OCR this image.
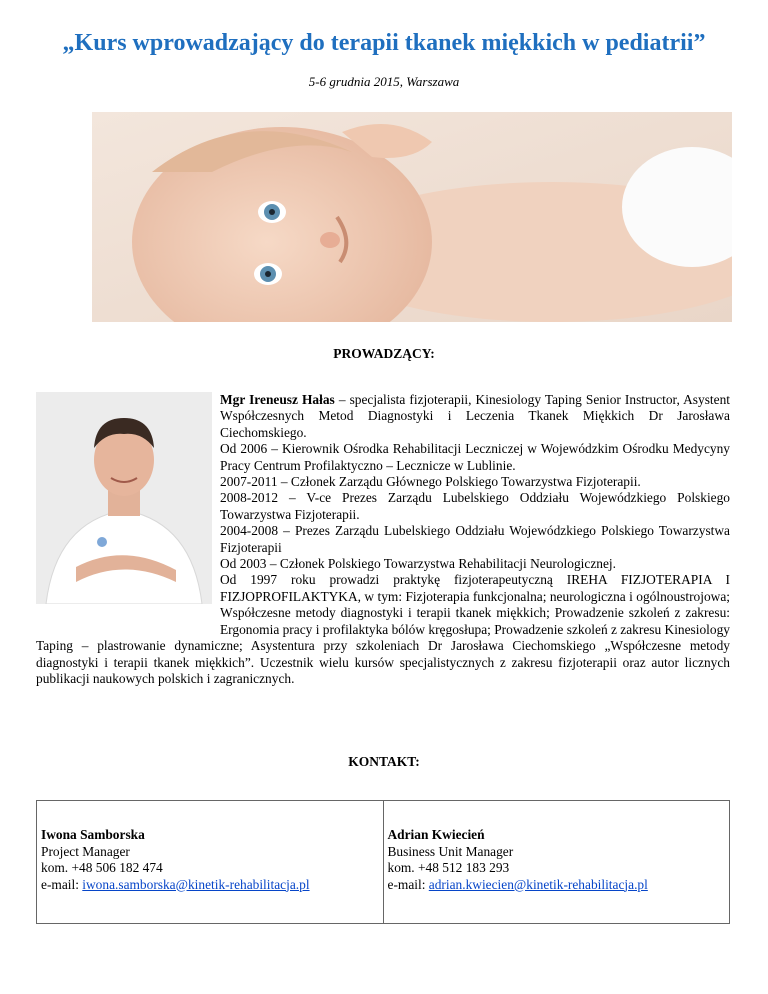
„Kurs wprowadzający do terapii tkanek miękkich w pediatrii”
5-6 grudnia 2015, Warszawa
PROWADZĄCY:

Mgr Ireneusz Hałas – specjalista fizjoterapii, Kinesiology Taping Senior Instructor, Asystent Współczesnych Metod Diagnostyki i Leczenia Tkanek Miękkich Dr Jarosława Ciechomskiego.

Od 2006 – Kierownik Ośrodka Rehabilitacji Leczniczej w Wojewódzkim Ośrodku Medycyny Pracy Centrum Profilaktyczno – Lecznicze w Lublinie.

2007-2011 – Członek Zarządu Głównego Polskiego Towarzystwa Fizjoterapii.

2008-2012 – V-ce Prezes Zarządu Lubelskiego Oddziału Wojewódzkiego Polskiego Towarzystwa Fizjoterapii.

2004-2008 – Prezes Zarządu Lubelskiego Oddziału Wojewódzkiego Polskiego Towarzystwa Fizjoterapii

Od 2003 – Członek Polskiego Towarzystwa Rehabilitacji Neurologicznej.

Od 1997 roku prowadzi praktykę fizjoterapeutyczną IREHA FIZJOTERAPIA I FIZJOPROFILAKTYKA, w tym: Fizjoterapia funkcjonalna; neurologiczna i ogólnoustrojowa; Współczesne metody diagnostyki i terapii tkanek miękkich; Prowadzenie szkoleń z zakresu: Ergonomia pracy i profilaktyka bólów kręgosłupa; Prowadzenie szkoleń z zakresu Kinesiology Taping – plastrowanie dynamiczne; Asystentura przy szkoleniach Dr Jarosława Ciechomskiego „Współczesne metody diagnostyki i terapii tkanek miękkich”. Uczestnik wielu kursów specjalistycznych z zakresu fizjoterapii oraz autor licznych publikacji naukowych polskich i zagranicznych.

KONTAKT:
Iwona Samborska
Project Manager
kom. +48 506 182 474
e-mail: iwona.samborska@kinetik-rehabilitacja.pl
Adrian Kwiecień
Business Unit Manager
kom. +48 512 183 293
e-mail: adrian.kwiecien@kinetik-rehabilitacja.pl
